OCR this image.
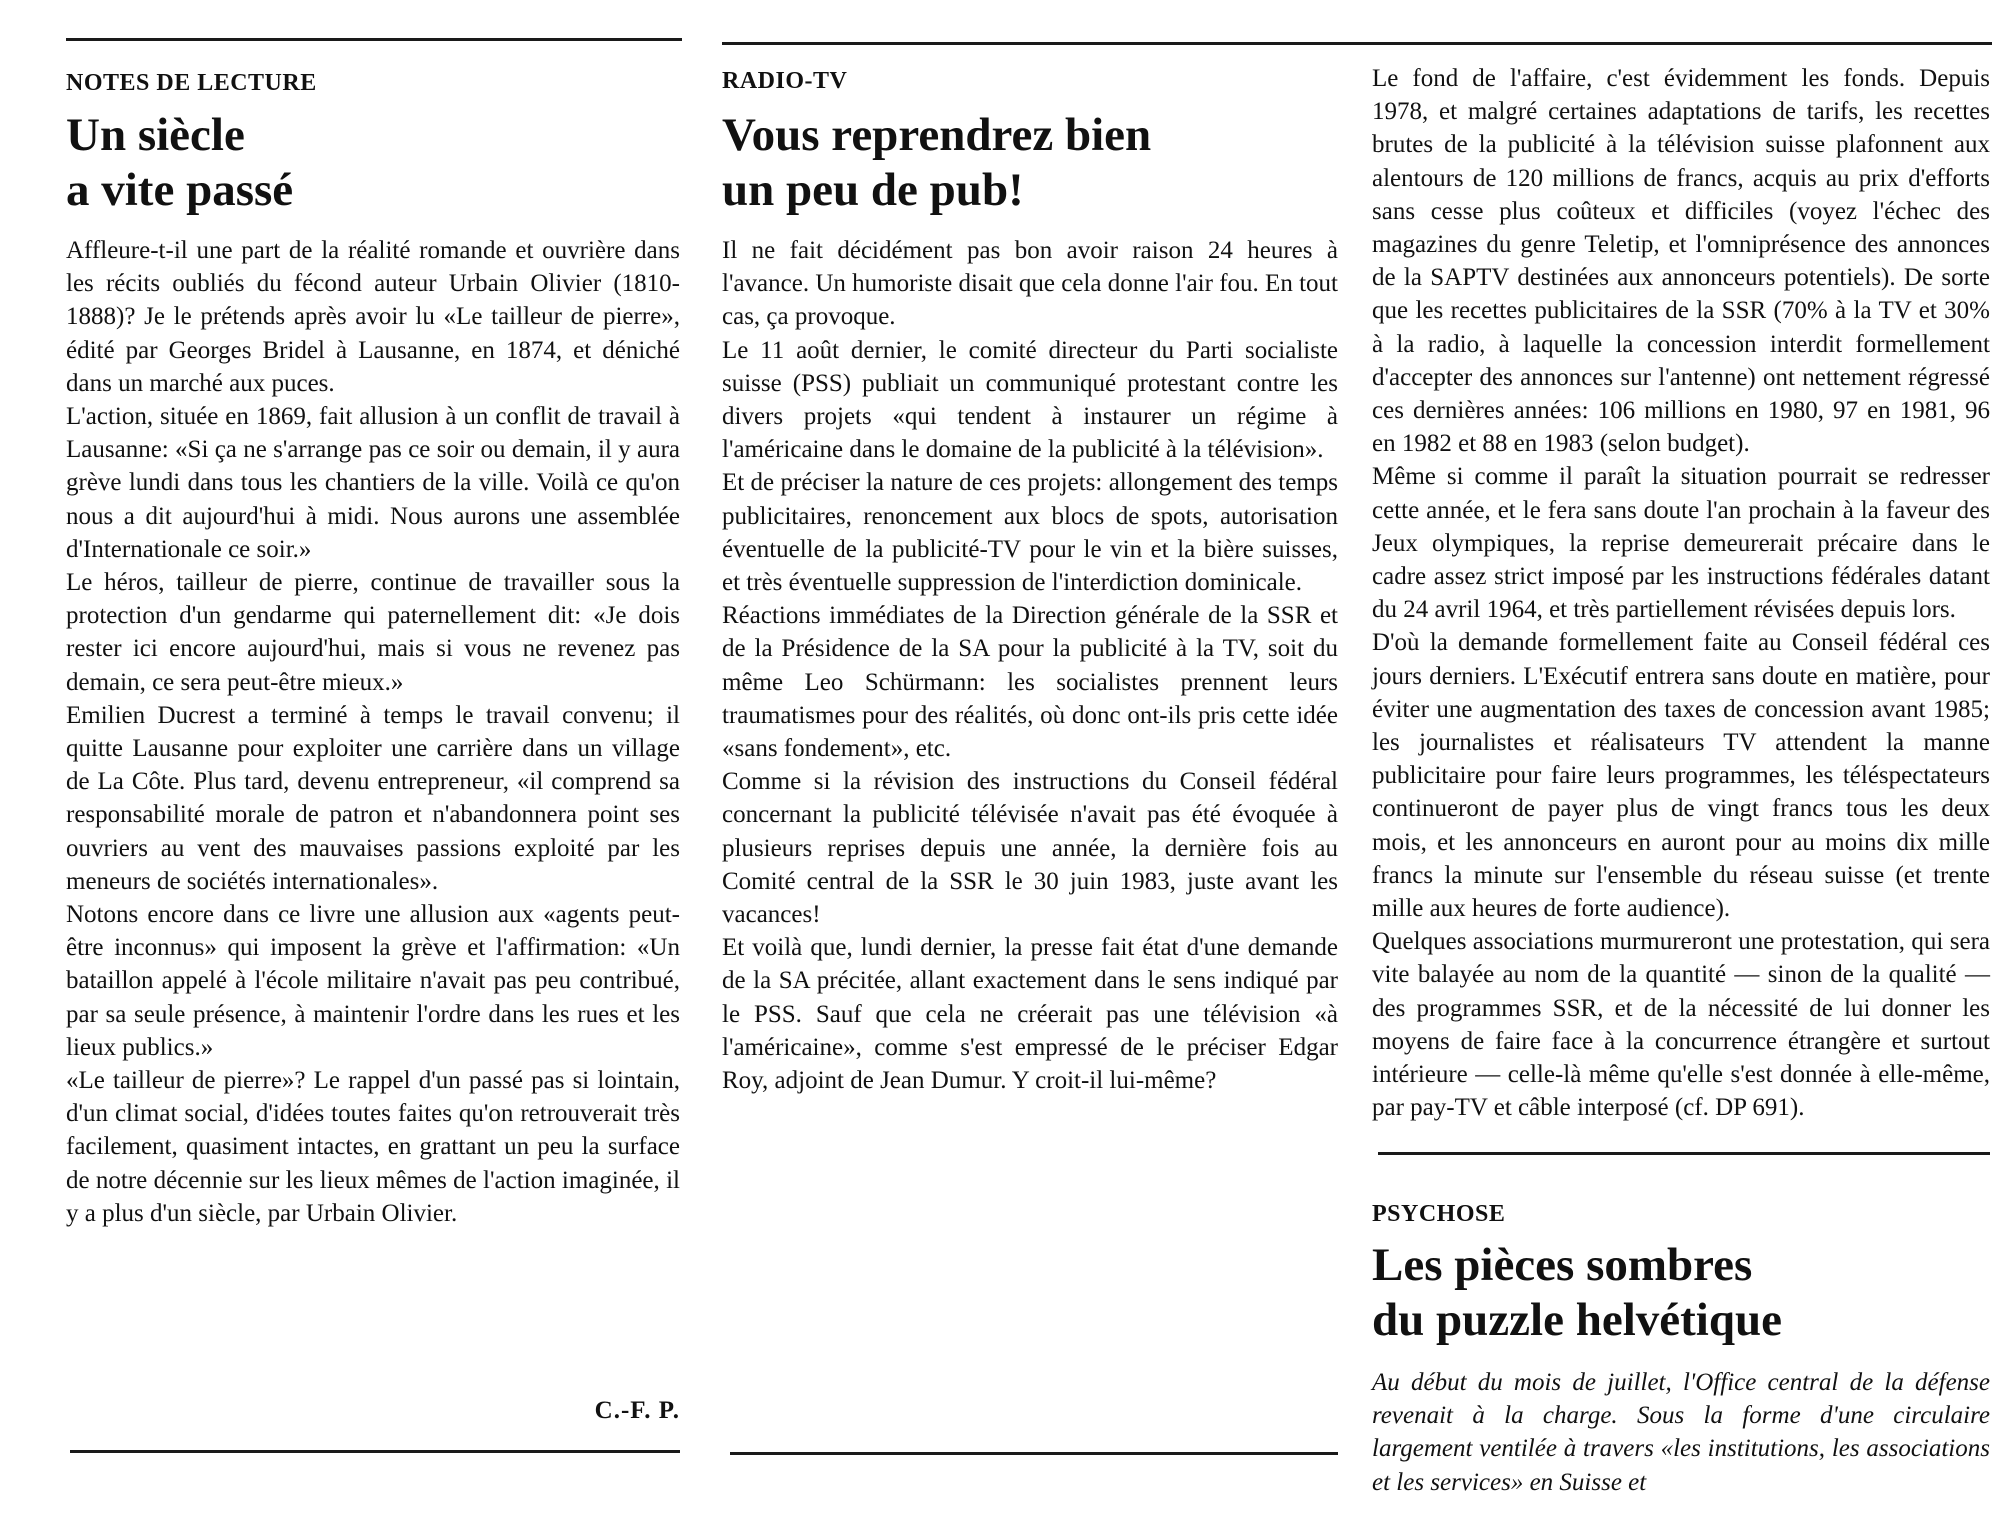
NOTES DE LECTURE
Un siècle
a vite passé

Affleure-t-il une part de la réalité romande et ouvrière dans les récits oubliés du fécond auteur Urbain Olivier (1810-1888)? Je le prétends après avoir lu «Le tailleur de pierre», édité par Georges Bridel à Lausanne, en 1874, et déniché dans un marché aux puces.

L'action, située en 1869, fait allusion à un conflit de travail à Lausanne: «Si ça ne s'arrange pas ce soir ou demain, il y aura grève lundi dans tous les chantiers de la ville. Voilà ce qu'on nous a dit aujourd'hui à midi. Nous aurons une assemblée d'Internationale ce soir.»

Le héros, tailleur de pierre, continue de travailler sous la protection d'un gendarme qui paternellement dit: «Je dois rester ici encore aujourd'hui, mais si vous ne revenez pas demain, ce sera peut-être mieux.»

Emilien Ducrest a terminé à temps le travail convenu; il quitte Lausanne pour exploiter une carrière dans un village de La Côte. Plus tard, devenu entrepreneur, «il comprend sa responsabilité morale de patron et n'abandonnera point ses ouvriers au vent des mauvaises passions exploité par les meneurs de sociétés internationales».

Notons encore dans ce livre une allusion aux «agents peut-être inconnus» qui imposent la grève et l'affirmation: «Un bataillon appelé à l'école militaire n'avait pas peu contribué, par sa seule présence, à maintenir l'ordre dans les rues et les lieux publics.»

«Le tailleur de pierre»? Le rappel d'un passé pas si lointain, d'un climat social, d'idées toutes faites qu'on retrouverait très facilement, quasiment intactes, en grattant un peu la surface de notre décennie sur les lieux mêmes de l'action imaginée, il y a plus d'un siècle, par Urbain Olivier.

C.-F. P.
RADIO-TV
Vous reprendrez bien
un peu de pub!

Il ne fait décidément pas bon avoir raison 24 heures à l'avance. Un humoriste disait que cela donne l'air fou. En tout cas, ça provoque.

Le 11 août dernier, le comité directeur du Parti socialiste suisse (PSS) publiait un communiqué protestant contre les divers projets «qui tendent à instaurer un régime à l'américaine dans le domaine de la publicité à la télévision».

Et de préciser la nature de ces projets: allongement des temps publicitaires, renoncement aux blocs de spots, autorisation éventuelle de la publicité-TV pour le vin et la bière suisses, et très éventuelle suppression de l'interdiction dominicale.

Réactions immédiates de la Direction générale de la SSR et de la Présidence de la SA pour la publicité à la TV, soit du même Leo Schürmann: les socialistes prennent leurs traumatismes pour des réalités, où donc ont-ils pris cette idée «sans fondement», etc.

Comme si la révision des instructions du Conseil fédéral concernant la publicité télévisée n'avait pas été évoquée à plusieurs reprises depuis une année, la dernière fois au Comité central de la SSR le 30 juin 1983, juste avant les vacances!

Et voilà que, lundi dernier, la presse fait état d'une demande de la SA précitée, allant exactement dans le sens indiqué par le PSS. Sauf que cela ne créerait pas une télévision «à l'américaine», comme s'est empressé de le préciser Edgar Roy, adjoint de Jean Dumur. Y croit-il lui-même?

Le fond de l'affaire, c'est évidemment les fonds. Depuis 1978, et malgré certaines adaptations de tarifs, les recettes brutes de la publicité à la télévision suisse plafonnent aux alentours de 120 millions de francs, acquis au prix d'efforts sans cesse plus coûteux et difficiles (voyez l'échec des magazines du genre Teletip, et l'omniprésence des annonces de la SAPTV destinées aux annonceurs potentiels). De sorte que les recettes publicitaires de la SSR (70% à la TV et 30% à la radio, à laquelle la concession interdit formellement d'accepter des annonces sur l'antenne) ont nettement régressé ces dernières années: 106 millions en 1980, 97 en 1981, 96 en 1982 et 88 en 1983 (selon budget).

Même si comme il paraît la situation pourrait se redresser cette année, et le fera sans doute l'an prochain à la faveur des Jeux olympiques, la reprise demeurerait précaire dans le cadre assez strict imposé par les instructions fédérales datant du 24 avril 1964, et très partiellement révisées depuis lors.

D'où la demande formellement faite au Conseil fédéral ces jours derniers. L'Exécutif entrera sans doute en matière, pour éviter une augmentation des taxes de concession avant 1985; les journalistes et réalisateurs TV attendent la manne publicitaire pour faire leurs programmes, les téléspectateurs continueront de payer plus de vingt francs tous les deux mois, et les annonceurs en auront pour au moins dix mille francs la minute sur l'ensemble du réseau suisse (et trente mille aux heures de forte audience).

Quelques associations murmureront une protestation, qui sera vite balayée au nom de la quantité — sinon de la qualité — des programmes SSR, et de la nécessité de lui donner les moyens de faire face à la concurrence étrangère et surtout intérieure — celle-là même qu'elle s'est donnée à elle-même, par pay-TV et câble interposé (cf. DP 691).

PSYCHOSE
Les pièces sombres
du puzzle helvétique

Au début du mois de juillet, l'Office central de la défense revenait à la charge. Sous la forme d'une circulaire largement ventilée à travers «les institutions, les associations et les services» en Suisse et
